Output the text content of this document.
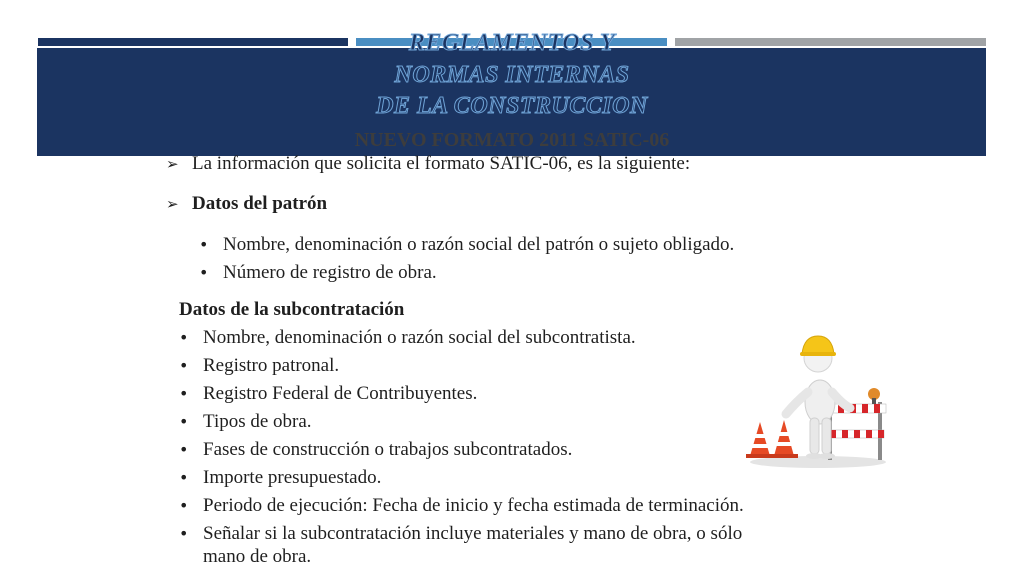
➢ La información que solicita el formato SATIC-06, es la siguiente:
➢ Datos del patrón
• Nombre, denominación o razón social del patrón o sujeto obligado.
• Número de registro de obra.
Datos de la subcontratación
• Nombre, denominación o razón social del subcontratista.
• Registro patronal.
• Registro Federal de Contribuyentes.
• Tipos de obra.
• Fases de construcción o trabajos subcontratados.
• Importe presupuestado.
• Periodo de ejecución: Fecha de inicio y fecha estimada de terminación.
• Señalar si la subcontratación incluye materiales y mano de obra, o sólo
mano de obra.
REGLAMENTOS Y
NORMAS INTERNAS
DE LA CONSTRUCCION
NUEVO FORMATO 2011 SATIC-06
